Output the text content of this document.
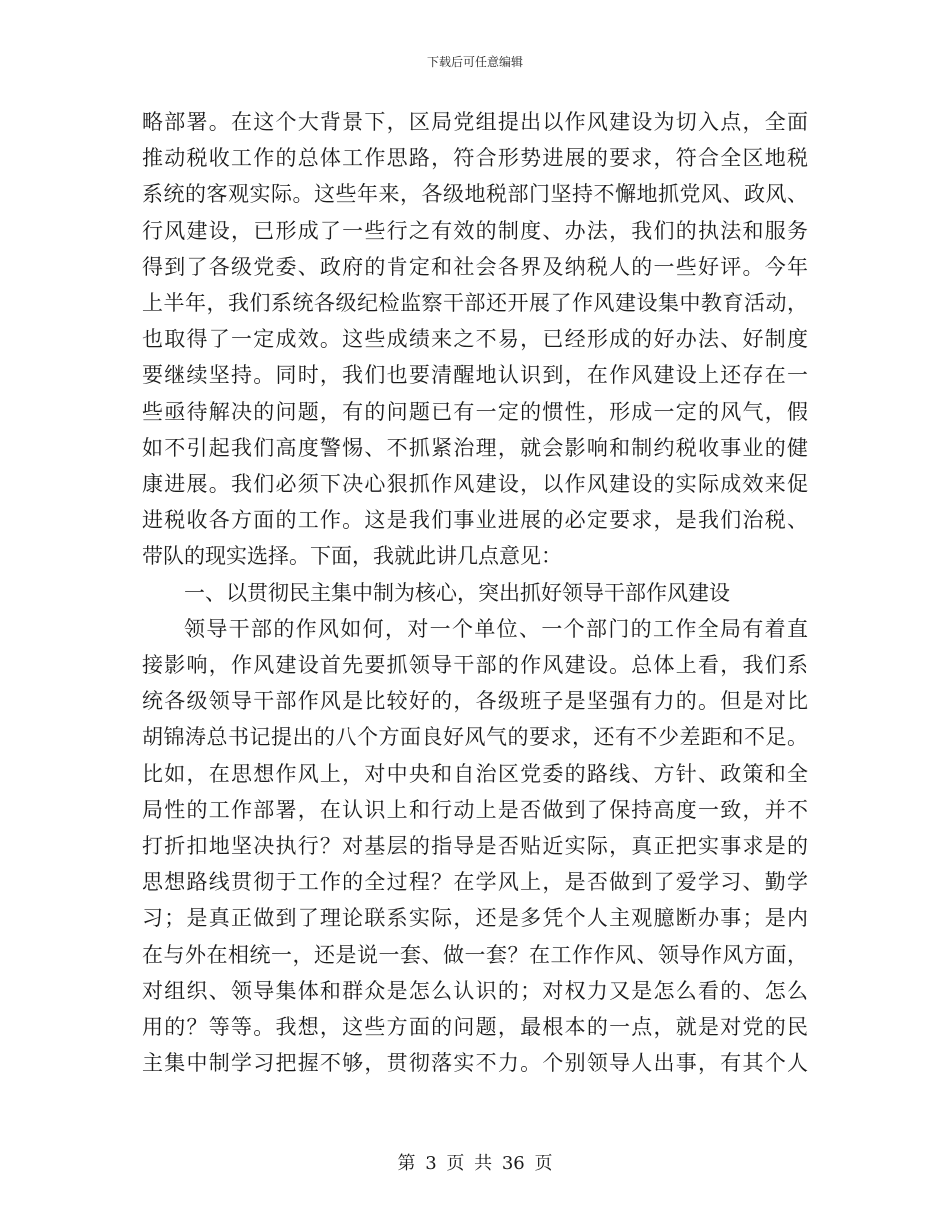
下载后可任意编辑
略部署。在这个大背景下，区局党组提出以作风建设为切入点，全面
推动税收工作的总体工作思路，符合形势进展的要求，符合全区地税
系统的客观实际。这些年来，各级地税部门坚持不懈地抓党风、政风、
行风建设，已形成了一些行之有效的制度、办法，我们的执法和服务
得到了各级党委、政府的肯定和社会各界及纳税人的一些好评。今年
上半年，我们系统各级纪检监察干部还开展了作风建设集中教育活动，
也取得了一定成效。这些成绩来之不易，已经形成的好办法、好制度
要继续坚持。同时，我们也要清醒地认识到，在作风建设上还存在一
些亟待解决的问题，有的问题已有一定的惯性，形成一定的风气，假
如不引起我们高度警惕、不抓紧治理，就会影响和制约税收事业的健
康进展。我们必须下决心狠抓作风建设，以作风建设的实际成效来促
进税收各方面的工作。这是我们事业进展的必定要求，是我们治税、
带队的现实选择。下面，我就此讲几点意见：
一、以贯彻民主集中制为核心，突出抓好领导干部作风建设
领导干部的作风如何，对一个单位、一个部门的工作全局有着直
接影响，作风建设首先要抓领导干部的作风建设。总体上看，我们系
统各级领导干部作风是比较好的，各级班子是坚强有力的。但是对比
胡锦涛总书记提出的八个方面良好风气的要求，还有不少差距和不足。
比如，在思想作风上，对中央和自治区党委的路线、方针、政策和全
局性的工作部署，在认识上和行动上是否做到了保持高度一致，并不
打折扣地坚决执行？对基层的指导是否贴近实际，真正把实事求是的
思想路线贯彻于工作的全过程？在学风上，是否做到了爱学习、勤学
习；是真正做到了理论联系实际，还是多凭个人主观臆断办事；是内
在与外在相统一，还是说一套、做一套？在工作作风、领导作风方面，
对组织、领导集体和群众是怎么认识的；对权力又是怎么看的、怎么
用的？等等。我想，这些方面的问题，最根本的一点，就是对党的民
主集中制学习把握不够，贯彻落实不力。个别领导人出事，有其个人
第 3 页 共 36 页
